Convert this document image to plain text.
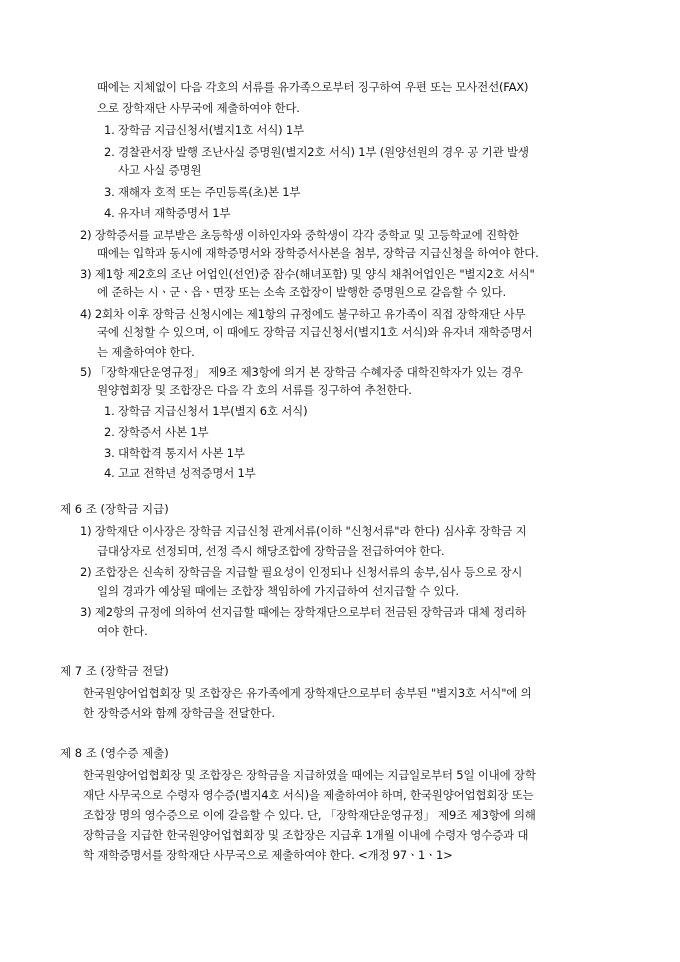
때에는 지체없이 다음 각호의 서류를 유가족으로부터 징구하여 우편 또는 모사전선(FAX)
으로 장학재단 사무국에 제출하여야 한다.
1. 장학금 지급신청서(별지1호 서식) 1부
2. 경찰관서장 발행 조난사실 증명원(별지2호 서식) 1부 (원양선원의 경우 공 기관 발생
사고 사실 증명원
3. 재해자 호적 또는 주민등록(초)본 1부
4. 유자녀 재학증명서 1부
2) 장학증서를 교부받은 초등학생 이하인자와 중학생이 각각 중학교 및 고등학교에 진학한
때에는 입학과 동시에 재학증명서와 장학증서사본을 첨부, 장학금 지급신청을 하여야 한다.
3) 제1항 제2호의 조난 어업인(선언)중 잠수(해녀포함) 및 양식 채취어업인은 "별지2호 서식"
에 준하는 시ㆍ군ㆍ읍ㆍ면장 또는 소속 조합장이 발행한 증명원으로 갈음할 수 있다.
4) 2회차 이후 장학금 신청시에는 제1항의 규정에도 불구하고 유가족이 직접 장학재단 사무
국에 신청할 수 있으며, 이 때에도 장학금 지급신청서(별지1호 서식)와 유자녀 재학증명서
는 제출하여야 한다.
5) 「장학재단운영규정」 제9조 제3항에 의거 본 장학금 수혜자중 대학진학자가 있는 경우
원양협회장 및 조합장은 다음 각 호의 서류를 징구하여 추천한다.
1. 장학금 지급신청서 1부(별지 6호 서식)
2. 장학증서 사본 1부
3. 대학합격 통지서 사본 1부
4. 고교 전학년 성적증명서 1부
제 6 조 (장학금 지급)
1) 장학재단 이사장은 장학금 지급신청 관계서류(이하 "신청서류"라 한다) 심사후 장학금 지
급대상자로 선정되며, 선정 즉시 해당조합에 장학금을 전급하여야 한다.
2) 조합장은 신속히 장학금을 지급할 필요성이 인정되나 신청서류의 송부,심사 등으로 장시
일의 경과가 예상될 때에는 조합장 책임하에 가지급하여 선지급할 수 있다.
3) 제2항의 규정에 의하여 선지급할 때에는 장학재단으로부터 전금된 장학금과 대체 정리하
여야 한다.
제 7 조 (장학금 전달)
한국원양어업협회장 및 조합장은 유가족에게 장학재단으로부터 송부된 "별지3호 서식"에 의
한 장학증서와 함께 장학금을 전달한다.
제 8 조 (영수증 제출)
한국원양어업협회장 및 조합장은 장학금을 지급하였을 때에는 지급일로부터 5일 이내에 장학
재단 사무국으로 수령자 영수증(별지4호 서식)을 제출하여야 하며, 한국원양어업협회장 또는
조합장 명의 영수증으로 이에 갈음할 수 있다. 단, 「장학재단운영규정」 제9조 제3항에 의해
장학금을 지급한 한국원양어업협회장 및 조합장은 지급후 1개월 이내에 수령자 영수증과 대
학 재학증명서를 장학재단 사무국으로 제출하여야 한다. <개정 97ㆍ1ㆍ1>
